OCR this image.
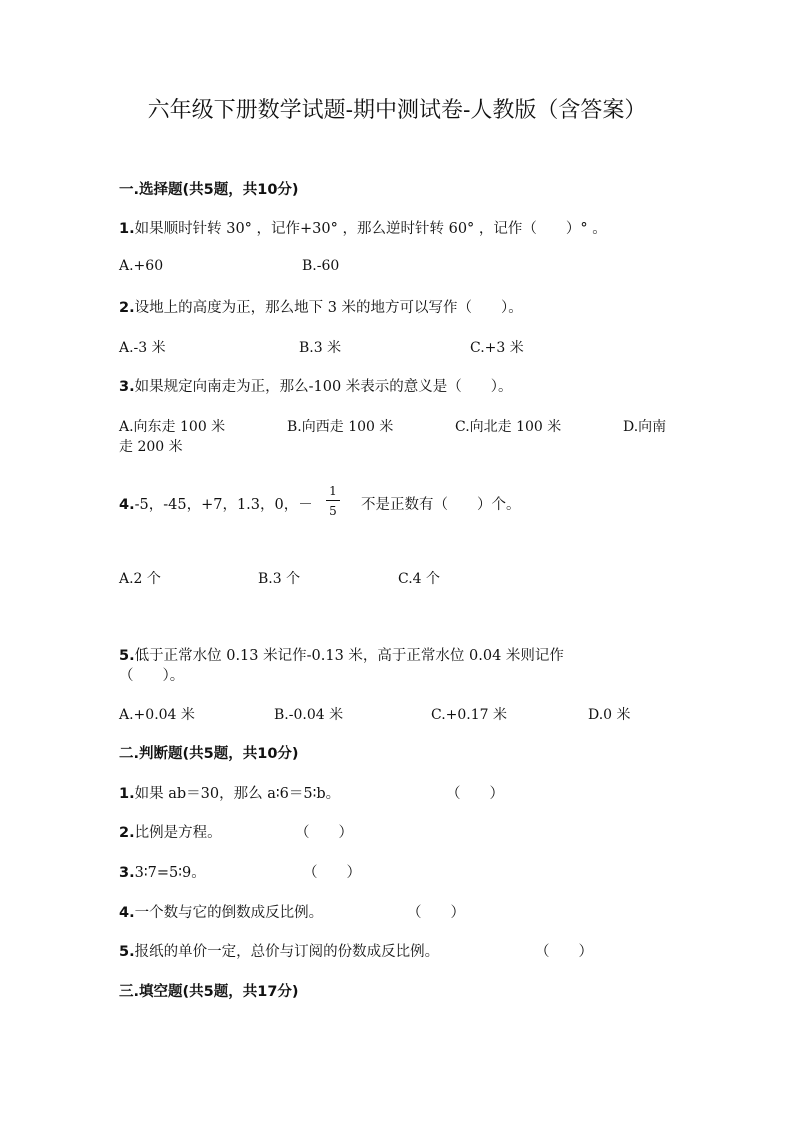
六年级下册数学试题-期中测试卷-人教版（含答案）
一.选择题(共5题，共10分)
1.如果顺时针转 30° ，记作+30° ，那么逆时针转 60° ，记作（　　）° 。
A.+60	B.-60
2.设地上的高度为正，那么地下 3 米的地方可以写作（　　）。
A.-3 米	B.3 米	C.+3 米
3.如果规定向南走为正，那么-100 米表示的意义是（　　）。
A.向东走 100 米	B.向西走 100 米	C.向北走 100 米	D.向南
走 200 米
4.-5，-45，+7，1.3，0，－
1
5 不是正数有（　　）个。
A.2 个	B.3 个	C.4 个
5.低于正常水位 0.13 米记作-0.13 米，高于正常水位 0.04 米则记作
（　　）。
A.+0.04 米	B.-0.04 米	C.+0.17 米	D.0 米
二.判断题(共5题，共10分)
1.如果 ab＝30，那么 a∶6＝5∶b。	（　　）
2.比例是方程。	（　　）
3.3∶7=5∶9。	（　　）
4.一个数与它的倒数成反比例。	（　　）
5.报纸的单价一定，总价与订阅的份数成反比例。	（　　）
三.填空题(共5题，共17分)
